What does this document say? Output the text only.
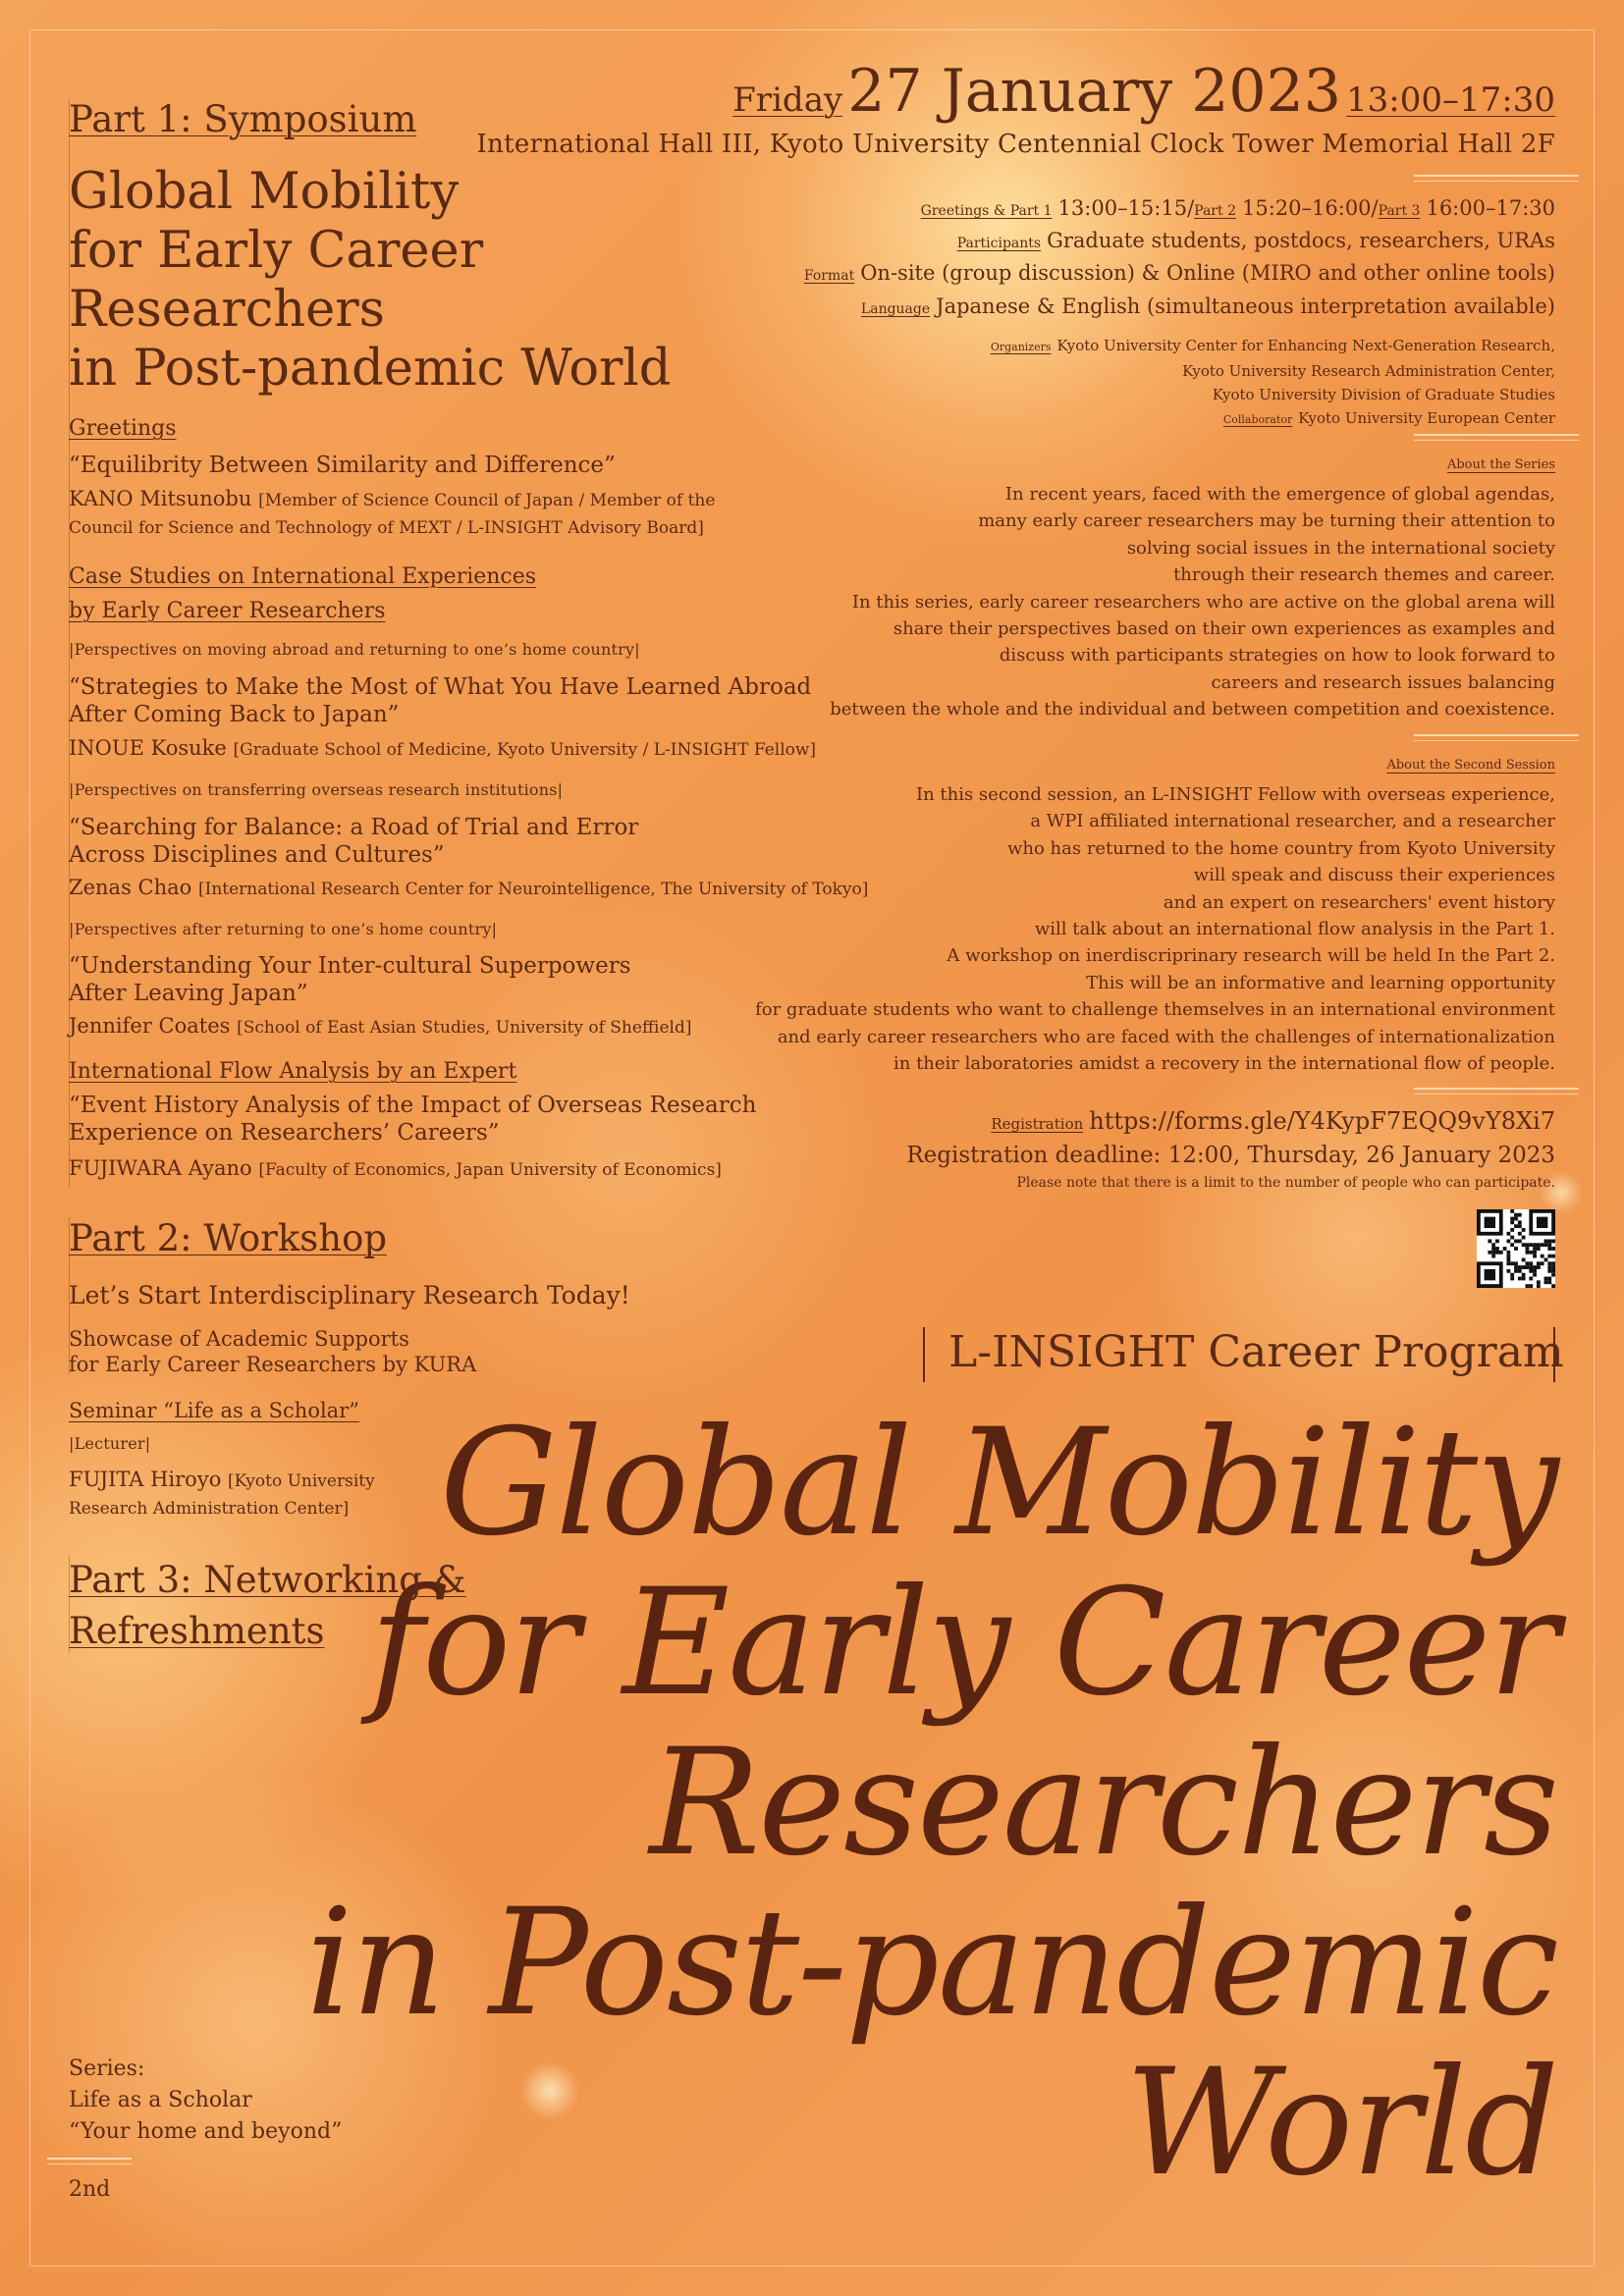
Friday 27 January 2023 13:00–17:30
International Hall III, Kyoto University Centennial Clock Tower Memorial Hall 2F
Greetings & Part 1 13:00–15:15/Part 2 15:20–16:00/Part 3 16:00–17:30
Participants Graduate students, postdocs, researchers, URAs
Format On-site (group discussion) & Online (MIRO and other online tools)
Language Japanese & English (simultaneous interpretation available)
Organizers Kyoto University Center for Enhancing Next-Generation Research,
Kyoto University Research Administration Center,
Kyoto University Division of Graduate Studies
Collaborator Kyoto University European Center
About the Series
In recent years, faced with the emergence of global agendas,
many early career researchers may be turning their attention to
solving social issues in the international society
through their research themes and career.
In this series, early career researchers who are active on the global arena will
share their perspectives based on their own experiences as examples and
discuss with participants strategies on how to look forward to
careers and research issues balancing
between the whole and the individual and between competition and coexistence.
About the Second Session
In this second session, an L-INSIGHT Fellow with overseas experience,
a WPI affiliated international researcher, and a researcher
who has returned to the home country from Kyoto University
will speak and discuss their experiences
and an expert on researchers' event history
will talk about an international flow analysis in the Part 1.
A workshop on inerdiscriprinary research will be held In the Part 2.
This will be an informative and learning opportunity
for graduate students who want to challenge themselves in an international environment
and early career researchers who are faced with the challenges of internationalization
in their laboratories amidst a recovery in the international flow of people.
Registration https://forms.gle/Y4KypF7EQQ9vY8Xi7
Registration deadline: 12:00, Thursday, 26 January 2023
Please note that there is a limit to the number of people who can participate.
L-INSIGHT Career Program
Global Mobility
for Early Career
Researchers
in Post-pandemic
World
Part 1: Symposium
Global Mobility
for Early Career
Researchers
in Post-pandemic World
Greetings
“Equilibrity Between Similarity and Difference”
KANO Mitsunobu [Member of Science Council of Japan / Member of the
Council for Science and Technology of MEXT / L-INSIGHT Advisory Board]
Case Studies on International Experiences
by Early Career Researchers
|Perspectives on moving abroad and returning to one’s home country|
“Strategies to Make the Most of What You Have Learned Abroad
After Coming Back to Japan”
INOUE Kosuke [Graduate School of Medicine, Kyoto University / L-INSIGHT Fellow]
|Perspectives on transferring overseas research institutions|
“Searching for Balance: a Road of Trial and Error
Across Disciplines and Cultures”
Zenas Chao [International Research Center for Neurointelligence, The University of Tokyo]
|Perspectives after returning to one’s home country|
“Understanding Your Inter-cultural Superpowers
After Leaving Japan”
Jennifer Coates [School of East Asian Studies, University of Sheffield]
International Flow Analysis by an Expert
“Event History Analysis of the Impact of Overseas Research
Experience on Researchers’ Careers”
FUJIWARA Ayano [Faculty of Economics, Japan University of Economics]
Part 2: Workshop
Let’s Start Interdisciplinary Research Today!
Showcase of Academic Supports
for Early Career Researchers by KURA
Seminar “Life as a Scholar”
|Lecturer|
FUJITA Hiroyo [Kyoto University
Research Administration Center]
Part 3: Networking &
Refreshments
Series:
Life as a Scholar
“Your home and beyond”
2nd
